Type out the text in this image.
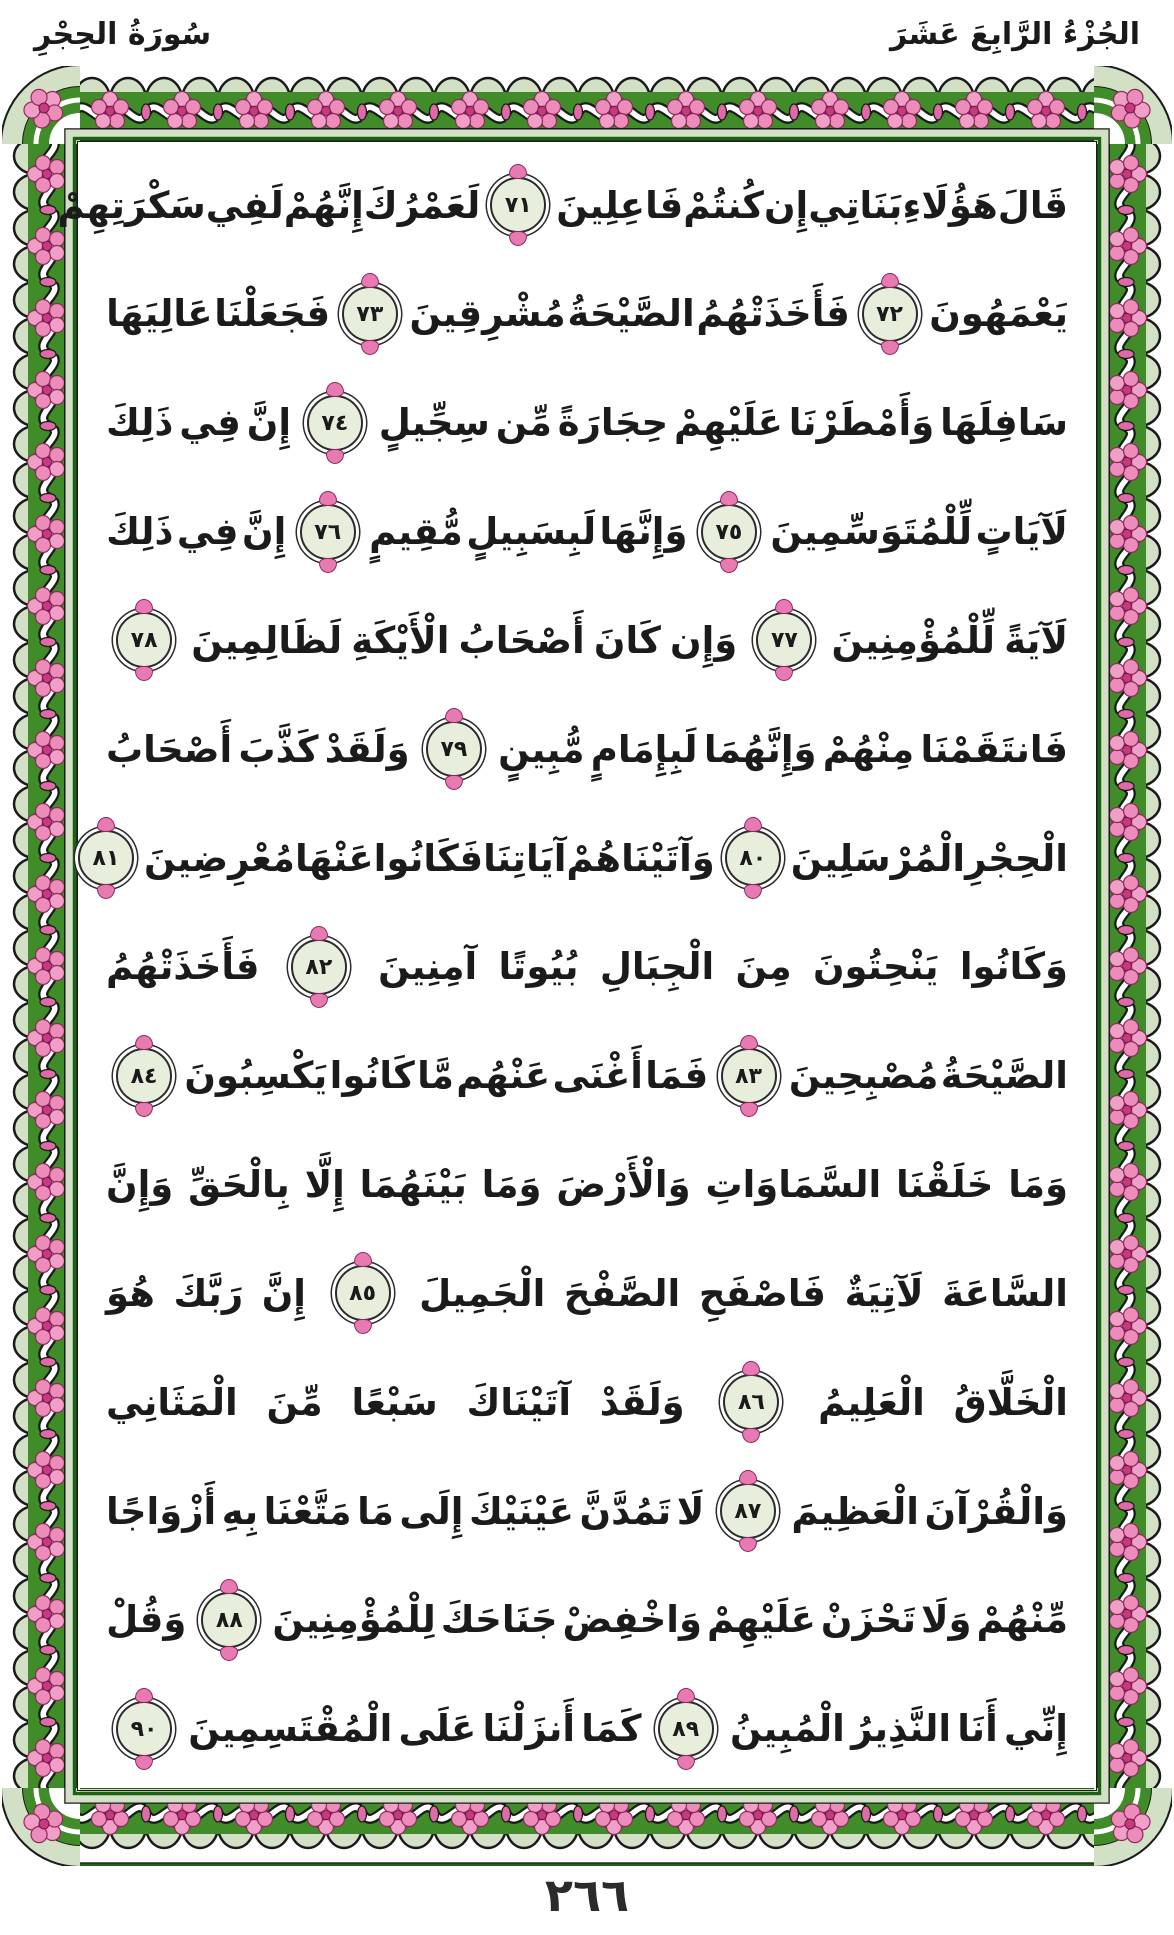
الجُزْءُ الرَّابِعَ عَشَرَ
سُورَةُ الحِجْرِ
قَالَ
هَؤُلَاءِ
بَنَاتِي
إِن
كُنتُمْ
فَاعِلِينَ
٧١
لَعَمْرُكَ
إِنَّهُمْ
لَفِي
سَكْرَتِهِمْ
يَعْمَهُونَ
٧٢
فَأَخَذَتْهُمُ
الصَّيْحَةُ
مُشْرِقِينَ
٧٣
فَجَعَلْنَا
عَالِيَهَا
سَافِلَهَا
وَأَمْطَرْنَا
عَلَيْهِمْ
حِجَارَةً
مِّن
سِجِّيلٍ
٧٤
إِنَّ
فِي
ذَلِكَ
لَآيَاتٍ
لِّلْمُتَوَسِّمِينَ
٧٥
وَإِنَّهَا
لَبِسَبِيلٍ
مُّقِيمٍ
٧٦
إِنَّ
فِي
ذَلِكَ
لَآيَةً
لِّلْمُؤْمِنِينَ
٧٧
وَإِن
كَانَ
أَصْحَابُ
الْأَيْكَةِ
لَظَالِمِينَ
٧٨
فَانتَقَمْنَا
مِنْهُمْ
وَإِنَّهُمَا
لَبِإِمَامٍ
مُّبِينٍ
٧٩
وَلَقَدْ
كَذَّبَ
أَصْحَابُ
الْحِجْرِ
الْمُرْسَلِينَ
٨٠
وَآتَيْنَاهُمْ
آيَاتِنَا
فَكَانُوا
عَنْهَا
مُعْرِضِينَ
٨١
وَكَانُوا
يَنْحِتُونَ
مِنَ
الْجِبَالِ
بُيُوتًا
آمِنِينَ
٨٢
فَأَخَذَتْهُمُ
الصَّيْحَةُ
مُصْبِحِينَ
٨٣
فَمَا
أَغْنَى
عَنْهُم
مَّا
كَانُوا
يَكْسِبُونَ
٨٤
وَمَا
خَلَقْنَا
السَّمَاوَاتِ
وَالْأَرْضَ
وَمَا
بَيْنَهُمَا
إِلَّا
بِالْحَقِّ
وَإِنَّ
السَّاعَةَ
لَآتِيَةٌ
فَاصْفَحِ
الصَّفْحَ
الْجَمِيلَ
٨٥
إِنَّ
رَبَّكَ
هُوَ
الْخَلَّاقُ
الْعَلِيمُ
٨٦
وَلَقَدْ
آتَيْنَاكَ
سَبْعًا
مِّنَ
الْمَثَانِي
وَالْقُرْآنَ
الْعَظِيمَ
٨٧
لَا
تَمُدَّنَّ
عَيْنَيْكَ
إِلَى
مَا
مَتَّعْنَا
بِهِ
أَزْوَاجًا
مِّنْهُمْ
وَلَا
تَحْزَنْ
عَلَيْهِمْ
وَاخْفِضْ
جَنَاحَكَ
لِلْمُؤْمِنِينَ
٨٨
وَقُلْ
إِنِّي
أَنَا
النَّذِيرُ
الْمُبِينُ
٨٩
كَمَا
أَنزَلْنَا
عَلَى
الْمُقْتَسِمِينَ
٩٠
٢٦٦
